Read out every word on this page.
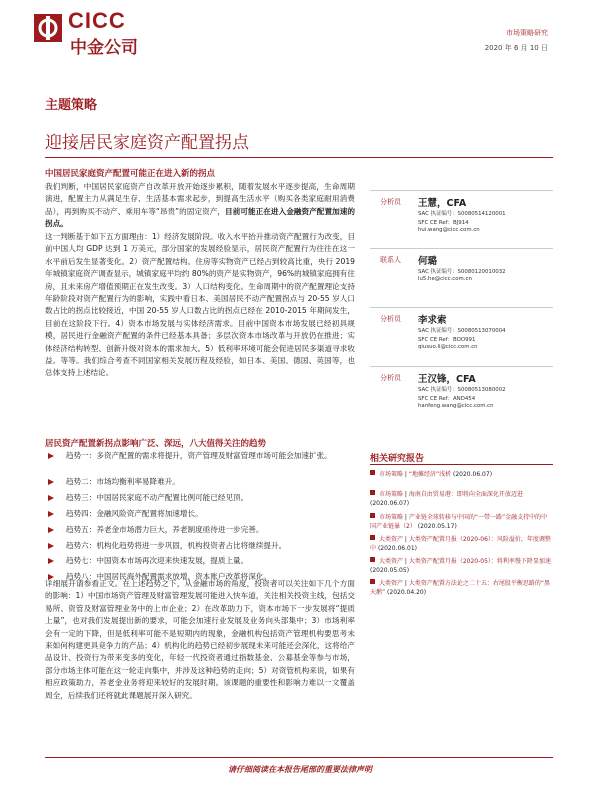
CICC
中金公司
市场策略研究
2020 年 6 月 10 日
主题策略
迎接居民家庭资产配置拐点
中国居民家庭资产配置可能正在进入新的拐点
我们判断，中国居民家庭资产自改革开放开始逐步累积，随着发展水平逐步提高，生命周期演进，配置主力从满足生存、生活基本需求起步，到提高生活水平（购买各类家庭耐用消费品），再到购买不动产、乘用车等“昂贵”的固定资产，目前可能正在进入金融资产配置加速的拐点。
这一判断基于如下五方面理由：1）经济发展阶段。收入水平抬升推动资产配置行为改变，目前中国人均 GDP 达到 1 万美元，部分国家的发展经验显示，居民资产配置行为往往在这一水平前后发生显著变化。2）资产配置结构。住房等实物资产已经占到较高比重，央行 2019 年城镇家庭资产调查显示，城镇家庭平均约 80%的资产是实物资产，96%的城镇家庭拥有住房，且未来房产增值预期正在发生改变。3）人口结构变化。生命周期中的资产配置理论支持年龄阶段对资产配置行为的影响，实践中看日本、美国居民不动产配置拐点与 20-55 岁人口数占比的拐点比较接近，中国 20-55 岁人口数占比的拐点已经在 2010-2015 年期间发生，目前在这阶段下行。4）资本市场发展与实体经济需求。目前中国资本市场发展已经初具规模，居民进行金融资产配置的条件已经基本具备；多层次资本市场改革与开放仍在推进；实体经济结构转型、创新升级对资本的需求加大。5）低利率环境可能会促进居民多渠道寻求收益。等等。我们综合考查不同国家相关发展历程及经验，如日本、美国、德国、英国等，也总体支持上述结论。
居民资产配置新拐点影响广泛、深远，八大值得关注的趋势
趋势一：多资产配置的需求将提升，资产管理及财富管理市场可能会加速扩张。
趋势二：市场均衡利率易降难升。
趋势三：中国居民家庭不动产配置比例可能已经见顶。
趋势四：金融风险资产配置将加速增长。
趋势五：养老金市场潜力巨大，养老制度亟待进一步完善。
趋势六：机构化趋势将进一步巩固，机构投资者占比将继续提升。
趋势七：中国资本市场再次迎来快速发展，提质上量。
趋势八：中国居民海外配置需求放增，资本账户改革将深化。
详细展开请参看正文。在上述趋势之下，从金融市场的角度，投资者可以关注如下几个方面的影响：1）中国市场资产管理及财富管理发展可能进入快车道，关注相关投资主线，包括交易所、资管及财富管理业务中的上市企业；2）在改革助力下，资本市场下一步发展将“提质上量”，也对我们发展提出新的要求，可能会加速行业发展及业务向头部集中；3）市场利率会有一定的下降，但是低利率可能不是短期内的现象，金融机构包括资产管理机构要思考未来如何构建更具竞争力的产品；4）机构化的趋势已经初步展现未来可能还会深化，这将给产品设计、投资行为带来变多的变化，年轻一代投资者通过指数基金、公募基金等参与市场，部分市场主体可能在这一轮走向集中，并涉及这种趋势的走向；5）对资管机构来说，如果有相应政策助力，养老金业务将迎来较好的发展时期。该课题的重要性和影响力难以一文覆盖周全，后续我们还将就此课题展开深入研究。
分析员 王慧，CFA
SAC 执证编号：S0080514120001
SFC CE Ref：BJ914
hui.wang@cicc.com.cn
联系人 何璐
SAC 执证编号：S0080120010032
lu5.he@cicc.com.cn
分析员 李求索
SAC 执证编号：S0080513070004
SFC CE Ref：BOO991
qiusuo.li@cicc.com.cn
分析员 王汉锋，CFA
SAC 执证编号：S0080513080002
SFC CE Ref：AND454
hanfeng.wang@cicc.com.cn
相关研究报告
市场策略 | “地摊经济”浅析 (2020.06.07)
市场策略 | 海南自由贸易港：即将向全面深化开放迈进 (2020.06.07)
市场策略 | 产业链全球转移与中国的“一带一路”金融支持中的中国产业链暴（2） (2020.05.17)
大类资产 | 大类资产配置月报（2020-06）：风险溢价，年度调整中 (2020.06.01)
大类资产 | 大类资产配置月报（2020-05）：将利率慢下降显加速 (2020.05.05)
大类资产 | 大类资产配置方法论之二十五：右尾股平衡思路的“黑天鹅” (2020.04.20)
请仔细阅读在本报告尾部的重要法律声明
